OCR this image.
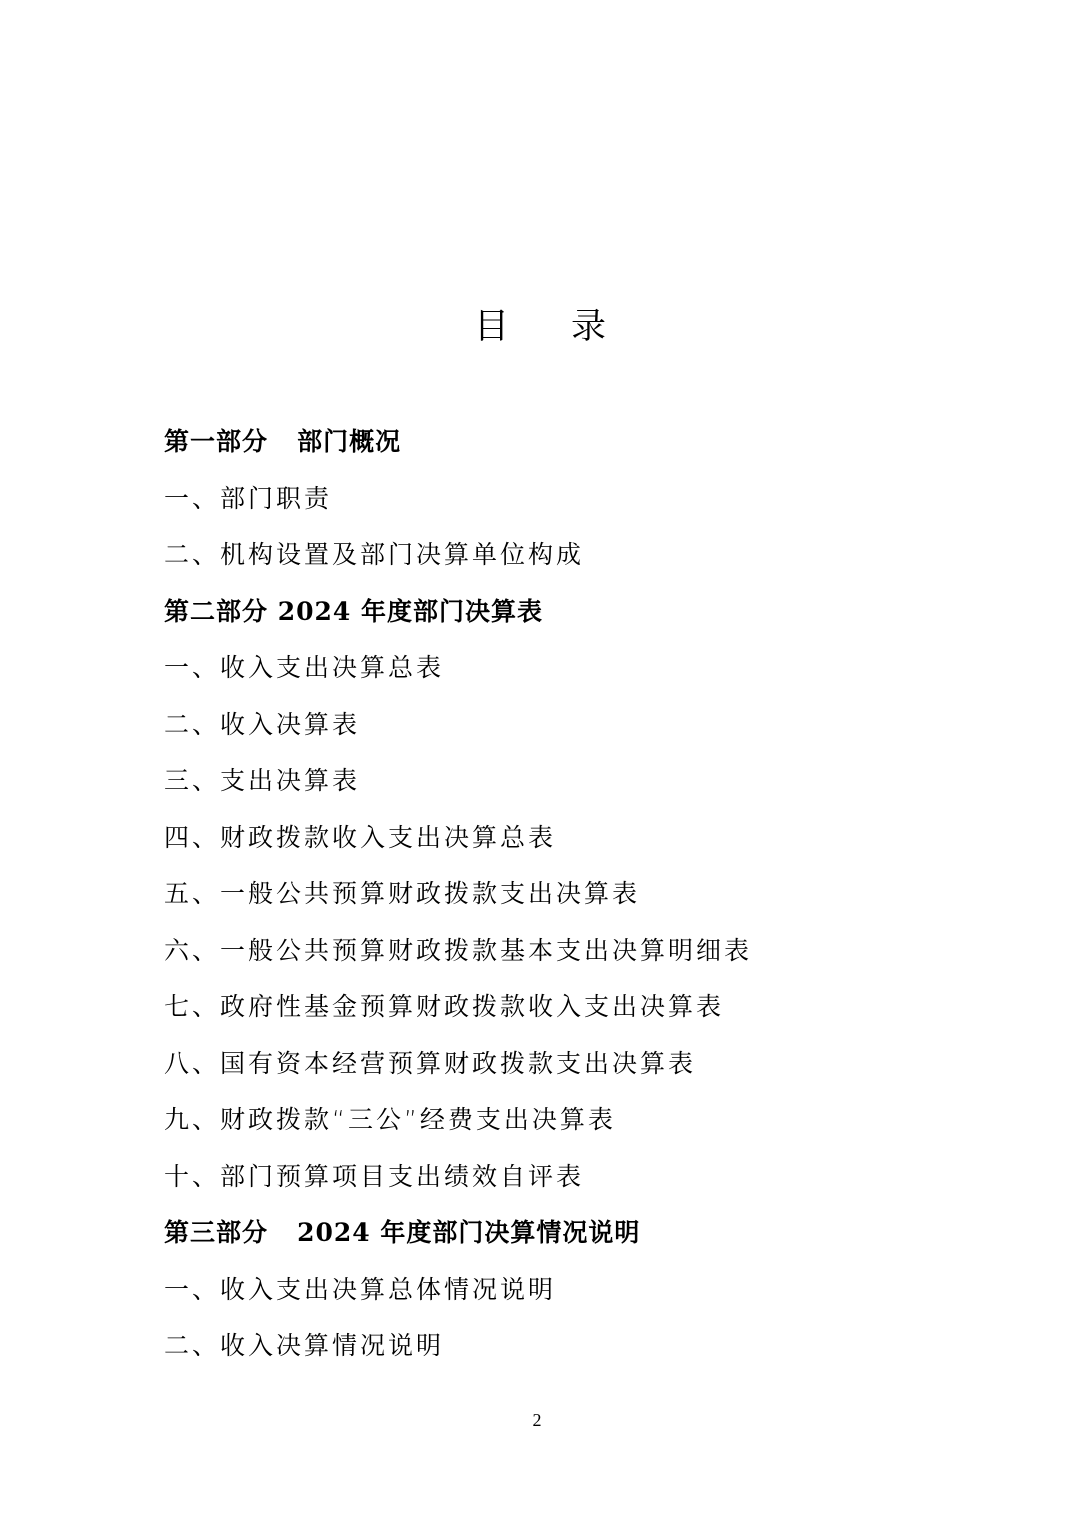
目 录
第一部分   部门概况
一、部门职责
二、机构设置及部门决算单位构成
第二部分 2024 年度部门决算表
一、收入支出决算总表
二、收入决算表
三、支出决算表
四、财政拨款收入支出决算总表
五、一般公共预算财政拨款支出决算表
六、一般公共预算财政拨款基本支出决算明细表
七、政府性基金预算财政拨款收入支出决算表
八、国有资本经营预算财政拨款支出决算表
九、财政拨款“三公”经费支出决算表
十、部门预算项目支出绩效自评表
第三部分   2024 年度部门决算情况说明
一、收入支出决算总体情况说明
二、收入决算情况说明
2
